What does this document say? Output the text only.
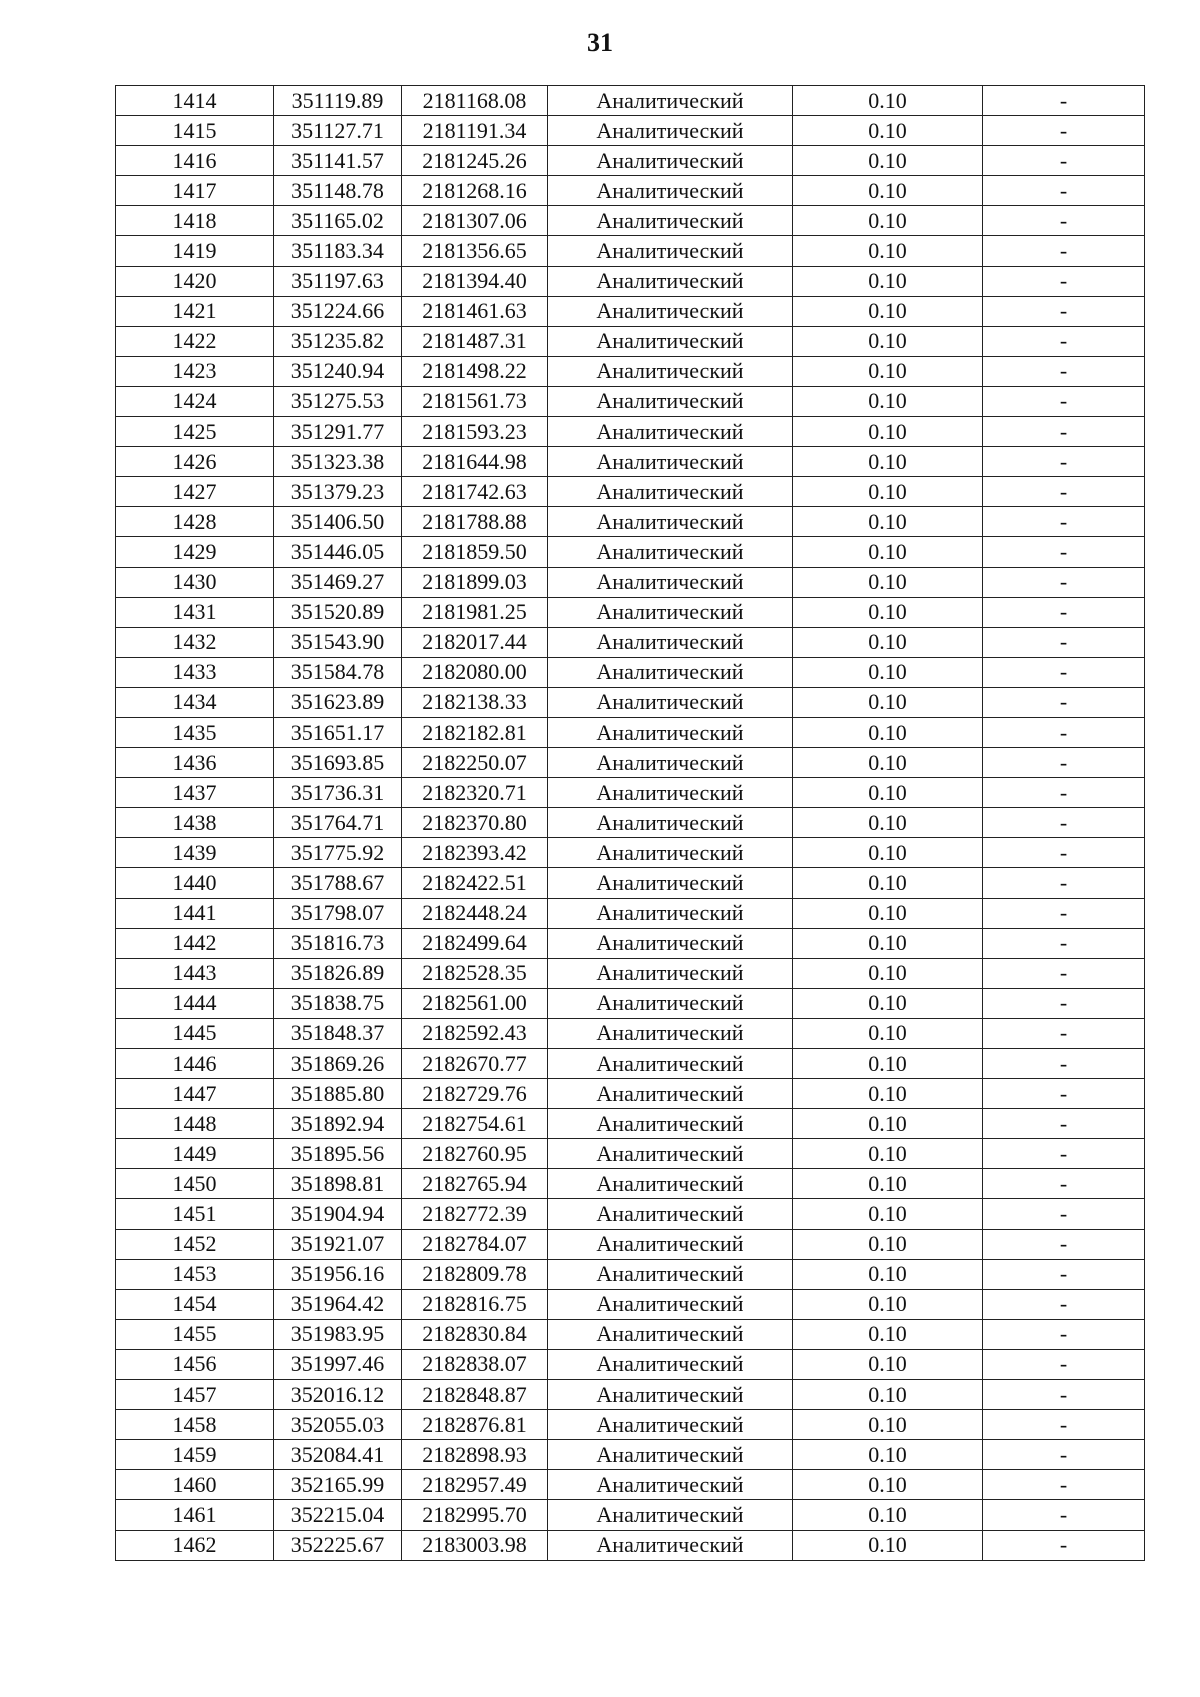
31
1414	351119.89	2181168.08	Аналитический	0.10	-
1415	351127.71	2181191.34	Аналитический	0.10	-
1416	351141.57	2181245.26	Аналитический	0.10	-
1417	351148.78	2181268.16	Аналитический	0.10	-
1418	351165.02	2181307.06	Аналитический	0.10	-
1419	351183.34	2181356.65	Аналитический	0.10	-
1420	351197.63	2181394.40	Аналитический	0.10	-
1421	351224.66	2181461.63	Аналитический	0.10	-
1422	351235.82	2181487.31	Аналитический	0.10	-
1423	351240.94	2181498.22	Аналитический	0.10	-
1424	351275.53	2181561.73	Аналитический	0.10	-
1425	351291.77	2181593.23	Аналитический	0.10	-
1426	351323.38	2181644.98	Аналитический	0.10	-
1427	351379.23	2181742.63	Аналитический	0.10	-
1428	351406.50	2181788.88	Аналитический	0.10	-
1429	351446.05	2181859.50	Аналитический	0.10	-
1430	351469.27	2181899.03	Аналитический	0.10	-
1431	351520.89	2181981.25	Аналитический	0.10	-
1432	351543.90	2182017.44	Аналитический	0.10	-
1433	351584.78	2182080.00	Аналитический	0.10	-
1434	351623.89	2182138.33	Аналитический	0.10	-
1435	351651.17	2182182.81	Аналитический	0.10	-
1436	351693.85	2182250.07	Аналитический	0.10	-
1437	351736.31	2182320.71	Аналитический	0.10	-
1438	351764.71	2182370.80	Аналитический	0.10	-
1439	351775.92	2182393.42	Аналитический	0.10	-
1440	351788.67	2182422.51	Аналитический	0.10	-
1441	351798.07	2182448.24	Аналитический	0.10	-
1442	351816.73	2182499.64	Аналитический	0.10	-
1443	351826.89	2182528.35	Аналитический	0.10	-
1444	351838.75	2182561.00	Аналитический	0.10	-
1445	351848.37	2182592.43	Аналитический	0.10	-
1446	351869.26	2182670.77	Аналитический	0.10	-
1447	351885.80	2182729.76	Аналитический	0.10	-
1448	351892.94	2182754.61	Аналитический	0.10	-
1449	351895.56	2182760.95	Аналитический	0.10	-
1450	351898.81	2182765.94	Аналитический	0.10	-
1451	351904.94	2182772.39	Аналитический	0.10	-
1452	351921.07	2182784.07	Аналитический	0.10	-
1453	351956.16	2182809.78	Аналитический	0.10	-
1454	351964.42	2182816.75	Аналитический	0.10	-
1455	351983.95	2182830.84	Аналитический	0.10	-
1456	351997.46	2182838.07	Аналитический	0.10	-
1457	352016.12	2182848.87	Аналитический	0.10	-
1458	352055.03	2182876.81	Аналитический	0.10	-
1459	352084.41	2182898.93	Аналитический	0.10	-
1460	352165.99	2182957.49	Аналитический	0.10	-
1461	352215.04	2182995.70	Аналитический	0.10	-
1462	352225.67	2183003.98	Аналитический	0.10	-
